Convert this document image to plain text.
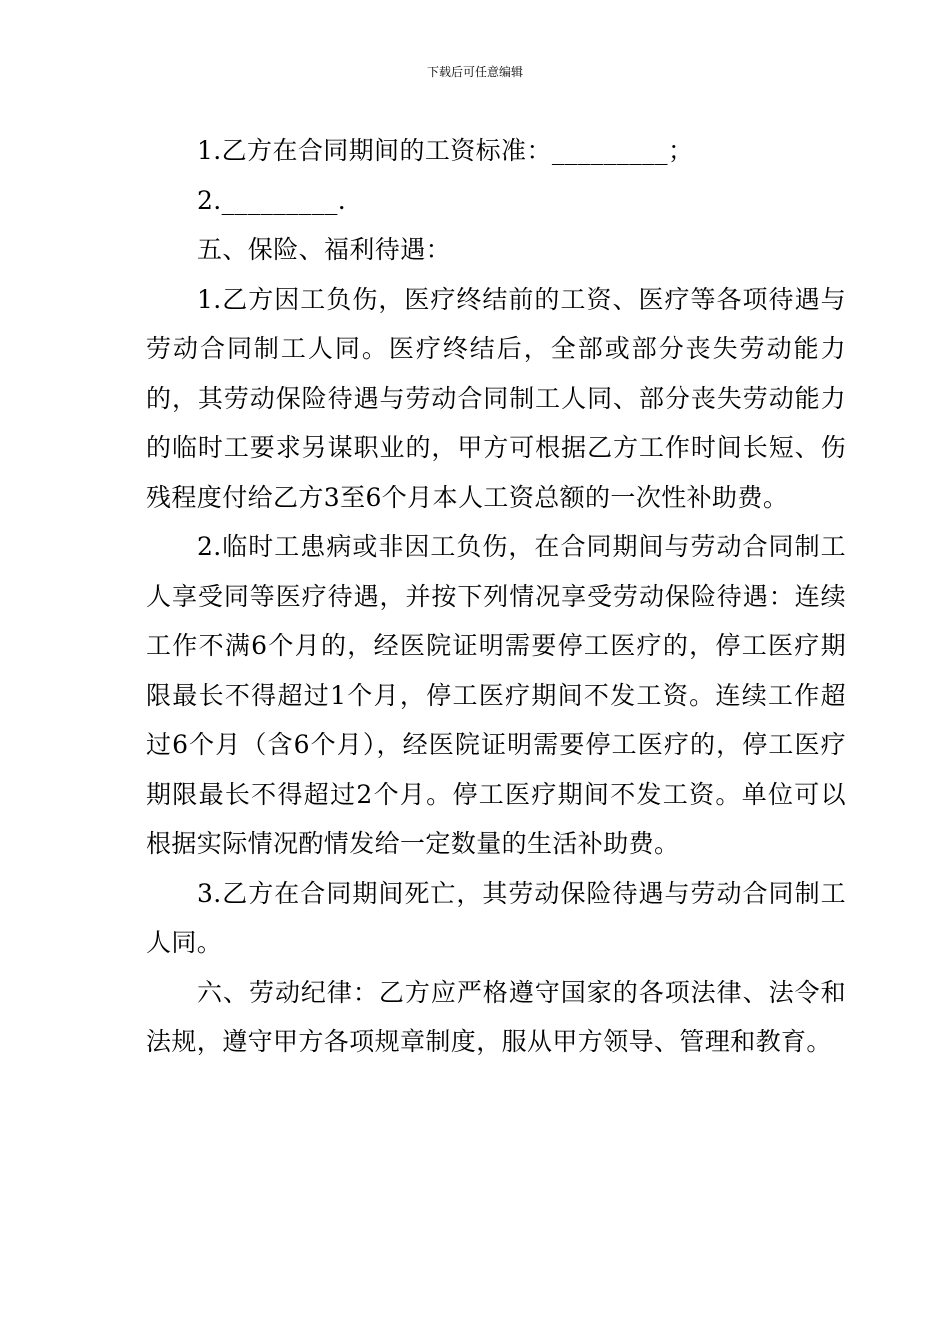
下载后可任意编辑

1.乙方在合同期间的工资标准：_________；

2._________.

五、保险、福利待遇：

1.乙方因工负伤，医疗终结前的工资、医疗等各项待遇与劳动合同制工人同。医疗终结后，全部或部分丧失劳动能力的，其劳动保险待遇与劳动合同制工人同、部分丧失劳动能力的临时工要求另谋职业的，甲方可根据乙方工作时间长短、伤残程度付给乙方3至6个月本人工资总额的一次性补助费。

2.临时工患病或非因工负伤，在合同期间与劳动合同制工人享受同等医疗待遇，并按下列情况享受劳动保险待遇：连续工作不满6个月的，经医院证明需要停工医疗的，停工医疗期限最长不得超过1个月，停工医疗期间不发工资。连续工作超过6个月（含6个月），经医院证明需要停工医疗的，停工医疗期限最长不得超过2个月。停工医疗期间不发工资。单位可以根据实际情况酌情发给一定数量的生活补助费。

3.乙方在合同期间死亡，其劳动保险待遇与劳动合同制工人同。

六、劳动纪律：乙方应严格遵守国家的各项法律、法令和法规，遵守甲方各项规章制度，服从甲方领导、管理和教育。
